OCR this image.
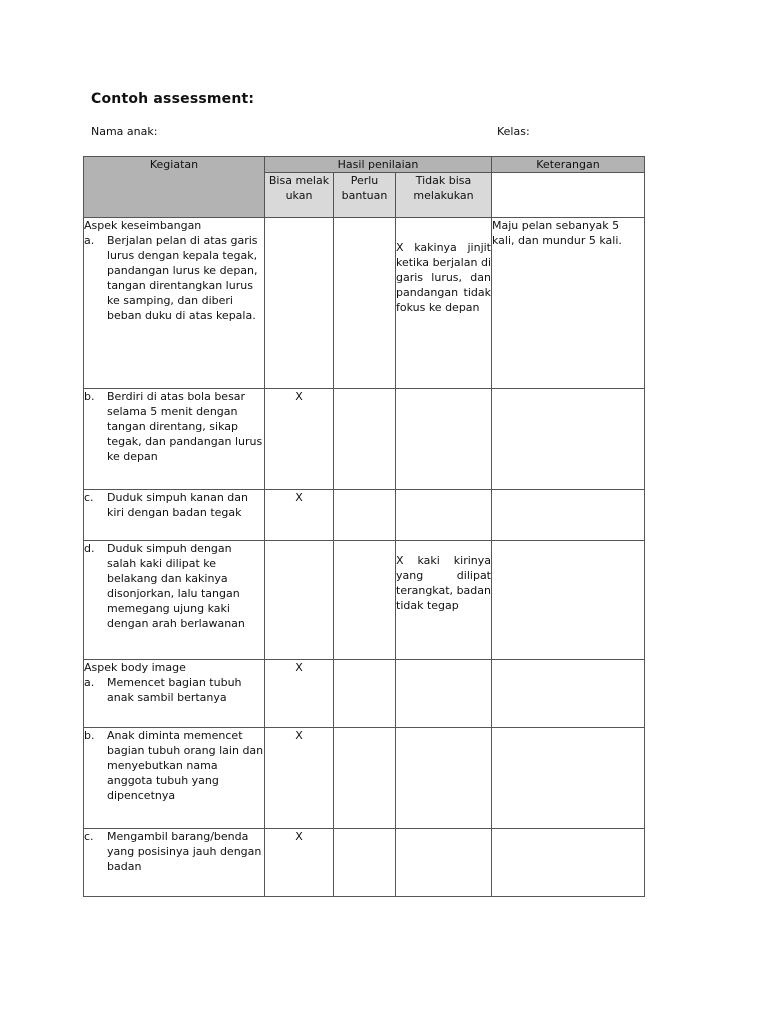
Contoh assessment:
Nama anak:	Kelas:
Kegiatan	Hasil penilaian			Keterangan
	Bisa melakukan	Perlu bantuan	Tidak bisa melakukan	

Aspek keseimbangan
a. Berjalan pelan di atas garis lurus dengan kepala tegak, pandangan lurus ke depan, tangan direntangkan lurus ke samping, dan diberi beban duku di atas kepala.			X kakinya jinjit ketika berjalan di garis lurus, dan pandangan tidak fokus ke depan	Maju pelan sebanyak 5 kali, dan mundur 5 kali.

b. Berdiri di atas bola besar selama 5 menit dengan tangan direntang, sikap tegak, dan pandangan lurus ke depan	X			

c. Duduk simpuh kanan dan kiri dengan badan tegak	X			

d. Duduk simpuh dengan salah kaki dilipat ke belakang dan kakinya disonjorkan, lalu tangan memegang ujung kaki dengan arah berlawanan			X kaki kirinya yang dilipat terangkat, badan tidak tegap	

Aspek body image
a. Memencet bagian tubuh anak sambil bertanya	X			

b. Anak diminta memencet  bagian tubuh orang lain dan menyebutkan nama anggota tubuh yang dipencetnya	X			

c. Mengambil barang/benda yang posisinya jauh dengan badan	X			
